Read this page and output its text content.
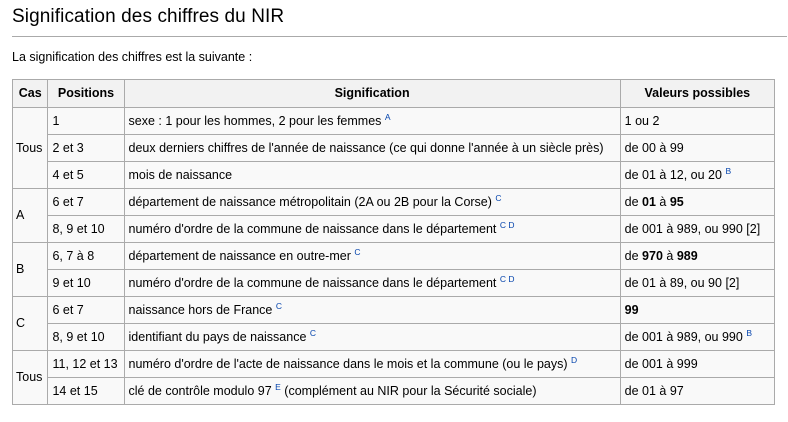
Signification des chiffres du NIR
La signification des chiffres est la suivante :
Cas	Positions	Signification	Valeurs possibles
Tous	1	sexe : 1 pour les hommes, 2 pour les femmes $^A$	1 ou 2
	2 et 3	deux derniers chiffres de l'année de naissance (ce qui donne l'année à un siècle près)	de 00 à 99
	4 et 5	mois de naissance	de 01 à 12, ou 20 $^B$
A	6 et 7	département de naissance métropolitain (2A ou 2B pour la Corse) $^C$	de 01 à 95
	8, 9 et 10	numéro d'ordre de la commune de naissance dans le département $^{C D}$	de 001 à 989, ou 990 [2]
B	6, 7 à 8	département de naissance en outre-mer $^C$	de 970 à 989
	9 et 10	numéro d'ordre de la commune de naissance dans le département $^{C D}$	de 01 à 89, ou 90 [2]
C	6 et 7	naissance hors de France $^C$	99
	8, 9 et 10	identifiant du pays de naissance $^C$	de 001 à 989, ou 990 $^B$
Tous	11, 12 et 13	numéro d'ordre de l'acte de naissance dans le mois et la commune (ou le pays) $^D$	de 001 à 999
	14 et 15	clé de contrôle modulo 97 $^E$ (complément au NIR pour la Sécurité sociale)	de 01 à 97
